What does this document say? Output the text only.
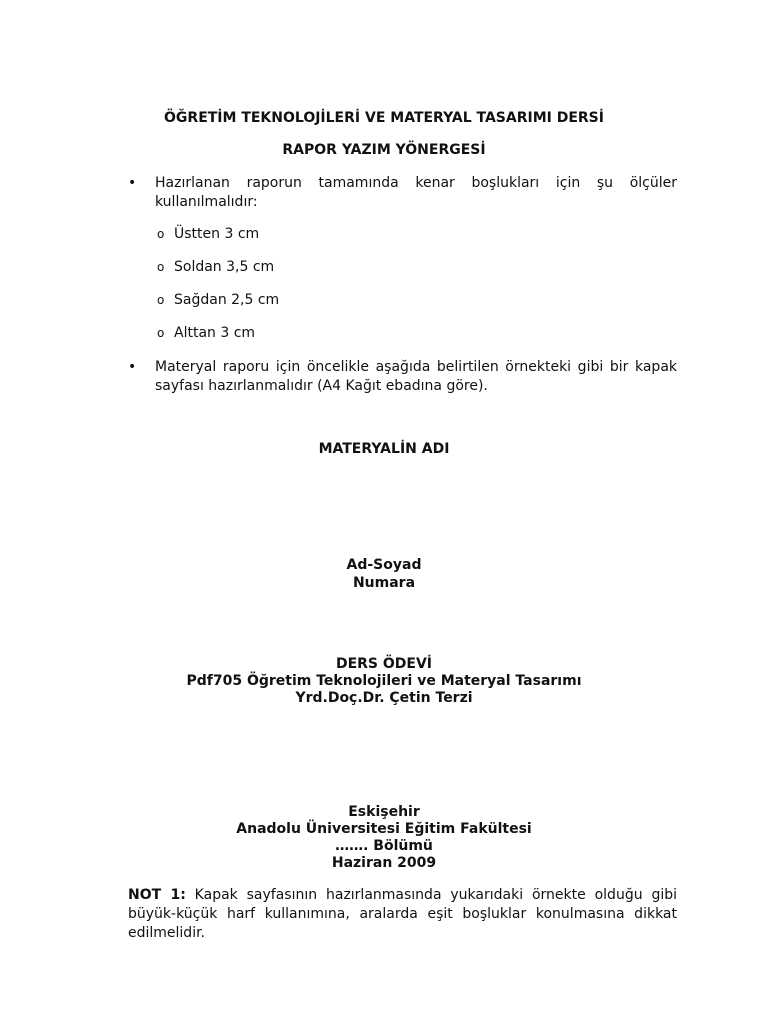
ÖĞRETİM TEKNOLOJİLERİ VE MATERYAL TASARIMI DERSİ
RAPOR YAZIM YÖNERGESİ
• Hazırlanan raporun tamamında kenar boşlukları için şu ölçüler kullanılmalıdır:
o Üstten 3 cm
o Soldan 3,5 cm
o Sağdan 2,5 cm
o Alttan 3 cm
• Materyal raporu için öncelikle aşağıda belirtilen örnekteki gibi bir kapak sayfası hazırlanmalıdır (A4 Kağıt ebadına göre).
MATERYALİN ADI
Ad-Soyad
Numara
DERS ÖDEVİ
Pdf705 Öğretim Teknolojileri ve Materyal Tasarımı
Yrd.Doç.Dr. Çetin Terzi
Eskişehir
Anadolu Üniversitesi Eğitim Fakültesi
……. Bölümü
Haziran 2009
NOT 1: Kapak sayfasının hazırlanmasında yukarıdaki örnekte olduğu gibi büyük-küçük harf kullanımına, aralarda eşit boşluklar konulmasına dikkat edilmelidir.
